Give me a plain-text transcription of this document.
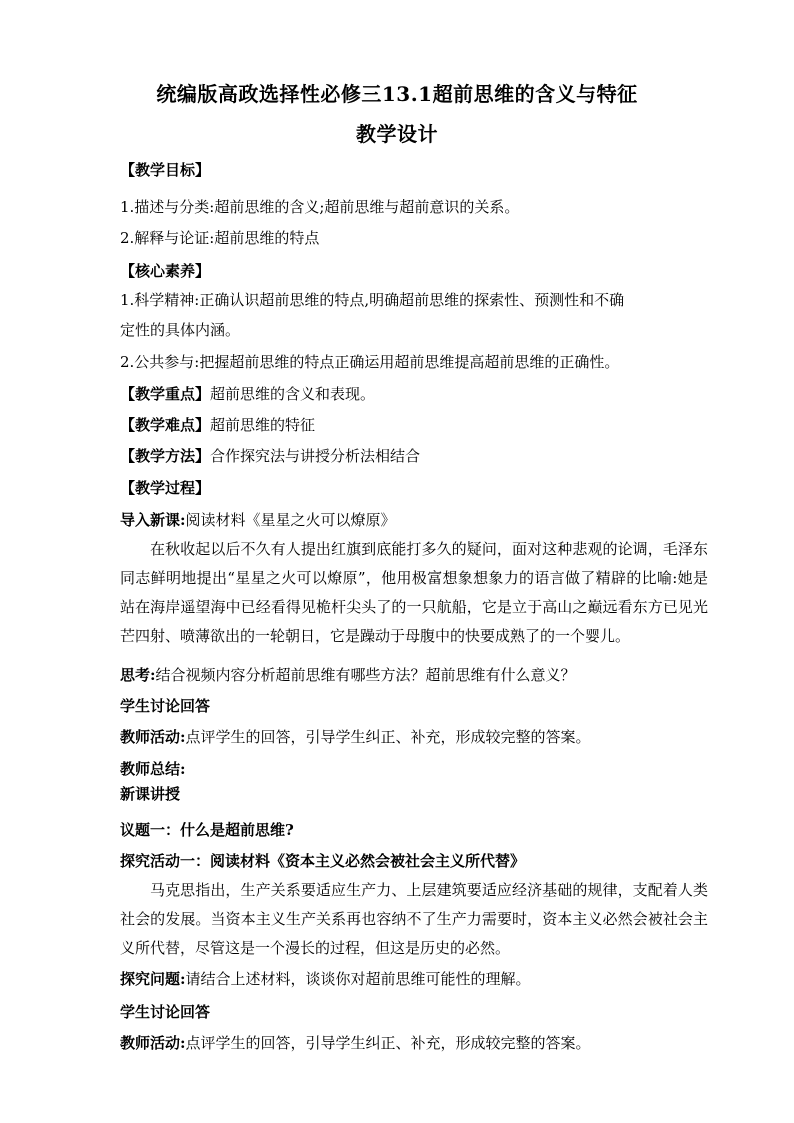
统编版高政选择性必修三13.1超前思维的含义与特征
教学设计
【教学目标】
1.描述与分类:超前思维的含义;超前思维与超前意识的关系。
2.解释与论证:超前思维的特点
【核心素养】
1.科学精神:正确认识超前思维的特点,明确超前思维的探索性、预测性和不确
定性的具体内涵。
2.公共参与:把握超前思维的特点正确运用超前思维提高超前思维的正确性。
【教学重点】超前思维的含义和表现。
【教学难点】超前思维的特征
【教学方法】合作探究法与讲授分析法相结合
【教学过程】
导入新课:阅读材料《星星之火可以燎原》
在秋收起以后不久有人提出红旗到底能打多久的疑问，面对这种悲观的论调，毛泽东同志鲜明地提出“星星之火可以燎原”，他用极富想象想象力的语言做了精辟的比喻:她是站在海岸遥望海中已经看得见桅杆尖头了的一只航船，它是立于高山之巅远看东方已见光芒四射、喷薄欲出的一轮朝日，它是躁动于母腹中的快要成熟了的一个婴儿。
思考:结合视频内容分析超前思维有哪些方法？超前思维有什么意义？
学生讨论回答
教师活动:点评学生的回答，引导学生纠正、补充，形成较完整的答案。
教师总结:
新课讲授
议题一：什么是超前思维?
探究活动一：阅读材料《资本主义必然会被社会主义所代替》
马克思指出，生产关系要适应生产力、上层建筑要适应经济基础的规律，支配着人类社会的发展。当资本主义生产关系再也容纳不了生产力需要时，资本主义必然会被社会主义所代替，尽管这是一个漫长的过程，但这是历史的必然。
探究问题:请结合上述材料，谈谈你对超前思维可能性的理解。
学生讨论回答
教师活动:点评学生的回答，引导学生纠正、补充，形成较完整的答案。
